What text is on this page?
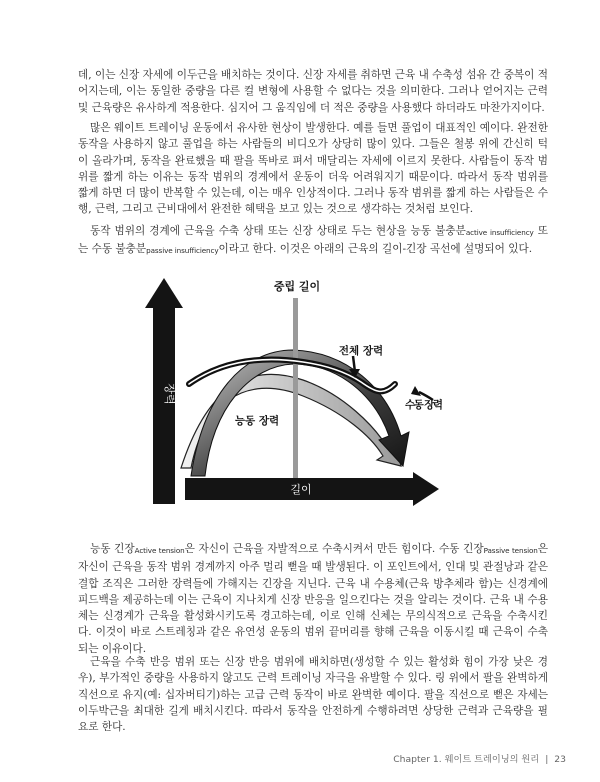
데, 이는 신장 자세에 이두근을 배치하는 것이다. 신장 자세를 취하면 근육 내 수축성 섬유 간 중복이 적어지는데, 이는 동일한 중량을 다른 컬 변형에 사용할 수 없다는 것을 의미한다. 그러나 얻어지는 근력 및 근육량은 유사하게 적용한다. 심지어 그 움직임에 더 적은 중량을 사용했다 하더라도 마찬가지이다.

많은 웨이트 트레이닝 운동에서 유사한 현상이 발생한다. 예를 들면 풀업이 대표적인 예이다. 완전한 동작을 사용하지 않고 풀업을 하는 사람들의 비디오가 상당히 많이 있다. 그들은 철봉 위에 간신히 턱이 올라가며, 동작을 완료했을 때 팔을 똑바로 펴서 매달리는 자세에 이르지 못한다. 사람들이 동작 범위를 짧게 하는 이유는 동작 범위의 경계에서 운동이 더욱 어려워지기 때문이다. 따라서 동작 범위를 짧게 하면 더 많이 반복할 수 있는데, 이는 매우 인상적이다. 그러나 동작 범위를 짧게 하는 사람들은 수행, 근력, 그리고 근비대에서 완전한 혜택을 보고 있는 것으로 생각하는 것처럼 보인다.

동작 범위의 경계에 근육을 수축 상태 또는 신장 상태로 두는 현상을 능동 불충분active insufficiency 또는 수동 불충분passive insufficiency이라고 한다. 이것은 아래의 근육의 길이-긴장 곡선에 설명되어 있다.

장력
길이
중립 길이
전체 장력
능동 장력
수동 장력

능동 긴장Active tension은 자신이 근육을 자발적으로 수축시켜서 만든 힘이다. 수동 긴장Passive tension은 자신이 근육을 동작 범위 경계까지 아주 멀리 뻗을 때 발생된다. 이 포인트에서, 인대 및 관절낭과 같은 결합 조직은 그러한 장력들에 가해지는 긴장을 지닌다. 근육 내 수용체(근육 방추체라 함)는 신경계에 피드백을 제공하는데 이는 근육이 지나치게 신장 반응을 일으킨다는 것을 알리는 것이다. 근육 내 수용체는 신경계가 근육을 활성화시키도록 경고하는데, 이로 인해 신체는 무의식적으로 근육을 수축시킨다. 이것이 바로 스트레칭과 같은 유연성 운동의 범위 끝머리를 향해 근육을 이동시킬 때 근육이 수축되는 이유이다.

근육을 수축 반응 범위 또는 신장 반응 범위에 배치하면(생성할 수 있는 활성화 힘이 가장 낮은 경우), 부가적인 중량을 사용하지 않고도 근력 트레이닝 자극을 유발할 수 있다. 링 위에서 팔을 완벽하게 직선으로 유지(예: 십자버티기)하는 고급 근력 동작이 바로 완벽한 예이다. 팔을 직선으로 뻗은 자세는 이두박근을 최대한 길게 배치시킨다. 따라서 동작을 안전하게 수행하려면 상당한 근력과 근육량을 필요로 한다.

Chapter 1. 웨이트 트레이닝의 원리 | 23
